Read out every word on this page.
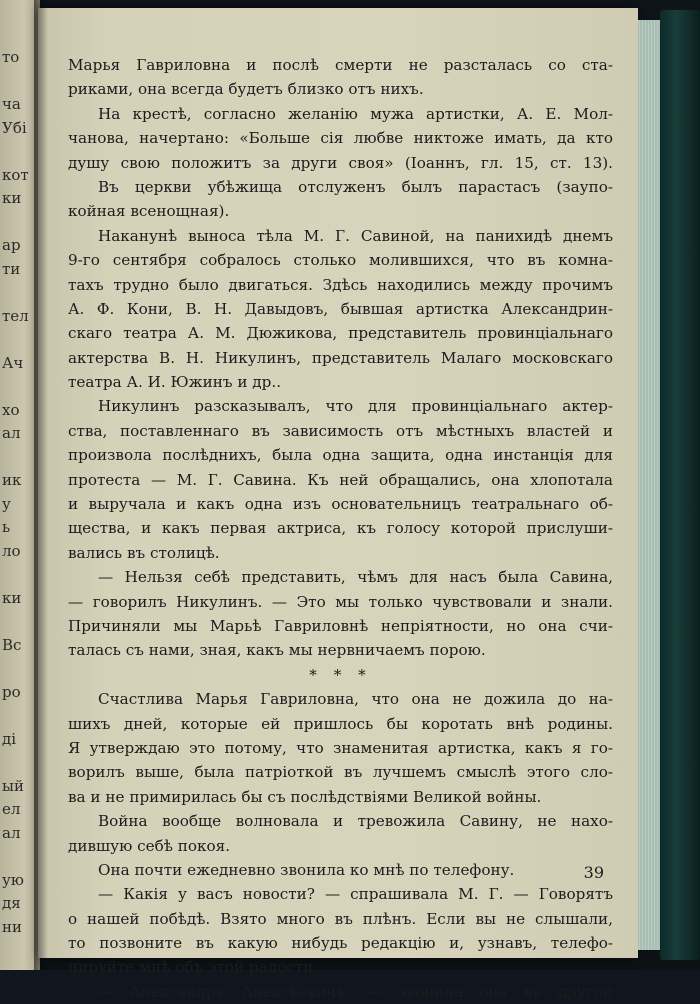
то
ча
Убі
кот
ки
ар
ти
тел
Ач
хо
ал
ик
у
ь
ло
ки
Вс
ро
ді
ый
ел
ал
ую
дя
ни
Марья Гавриловна и послѣ смерти не разсталась со ста-
риками, она всегда будетъ близко отъ нихъ.
На крестѣ, согласно желанію мужа артистки, А. Е. Мол-
чанова, начертано: «Больше сія любве никтоже имать, да кто
душу свою положитъ за други своя» (Іоаннъ, гл. 15, ст. 13).
Въ церкви убѣжища отслуженъ былъ парастасъ (заупо-
койная всенощная).
Наканунѣ выноса тѣла М. Г. Савиной, на панихидѣ днемъ
9-го сентября собралось столько молившихся, что въ комна-
тахъ трудно было двигаться. Здѣсь находились между прочимъ
А. Ф. Кони, В. Н. Давыдовъ, бывшая артистка Александрин-
скаго театра А. М. Дюжикова, представитель провинціальнаго
актерства В. Н. Никулинъ, представитель Малаго московскаго
театра А. И. Южинъ и др..
Никулинъ разсказывалъ, что для провинціальнаго актер-
ства, поставленнаго въ зависимость отъ мѣстныхъ властей и
произвола послѣднихъ, была одна защита, одна инстанція для
протеста — М. Г. Савина. Къ ней обращались, она хлопотала
и выручала и какъ одна изъ основательницъ театральнаго об-
щества, и какъ первая актриса, къ голосу которой прислуши-
вались въ столицѣ.
— Нельзя себѣ представить, чѣмъ для насъ была Савина,
— говорилъ Никулинъ. — Это мы только чувствовали и знали.
Причиняли мы Марьѣ Гавриловнѣ непріятности, но она счи-
талась съ нами, зная, какъ мы нервничаемъ порою.
* * *
Счастлива Марья Гавриловна, что она не дожила до на-
шихъ дней, которые ей пришлось бы коротать внѣ родины.
Я утверждаю это потому, что знаменитая артистка, какъ я го-
ворилъ выше, была патріоткой въ лучшемъ смыслѣ этого сло-
ва и не примирилась бы съ послѣдствіями Великой войны.
Война вообще волновала и тревожила Савину, не нахо-
дившую себѣ покоя.
Она почти ежедневно звонила ко мнѣ по телефону.
— Какія у васъ новости? — спрашивала М. Г. — Говорятъ
о нашей побѣдѣ. Взято много въ плѣнъ. Если вы не слышали,
то позвоните въ какую нибудь редакцію и, узнавъ, телефо-
нируйте мнѣ объ этой радости.
— Александръ Алексѣевичъ, — звонила она въ другой
39
